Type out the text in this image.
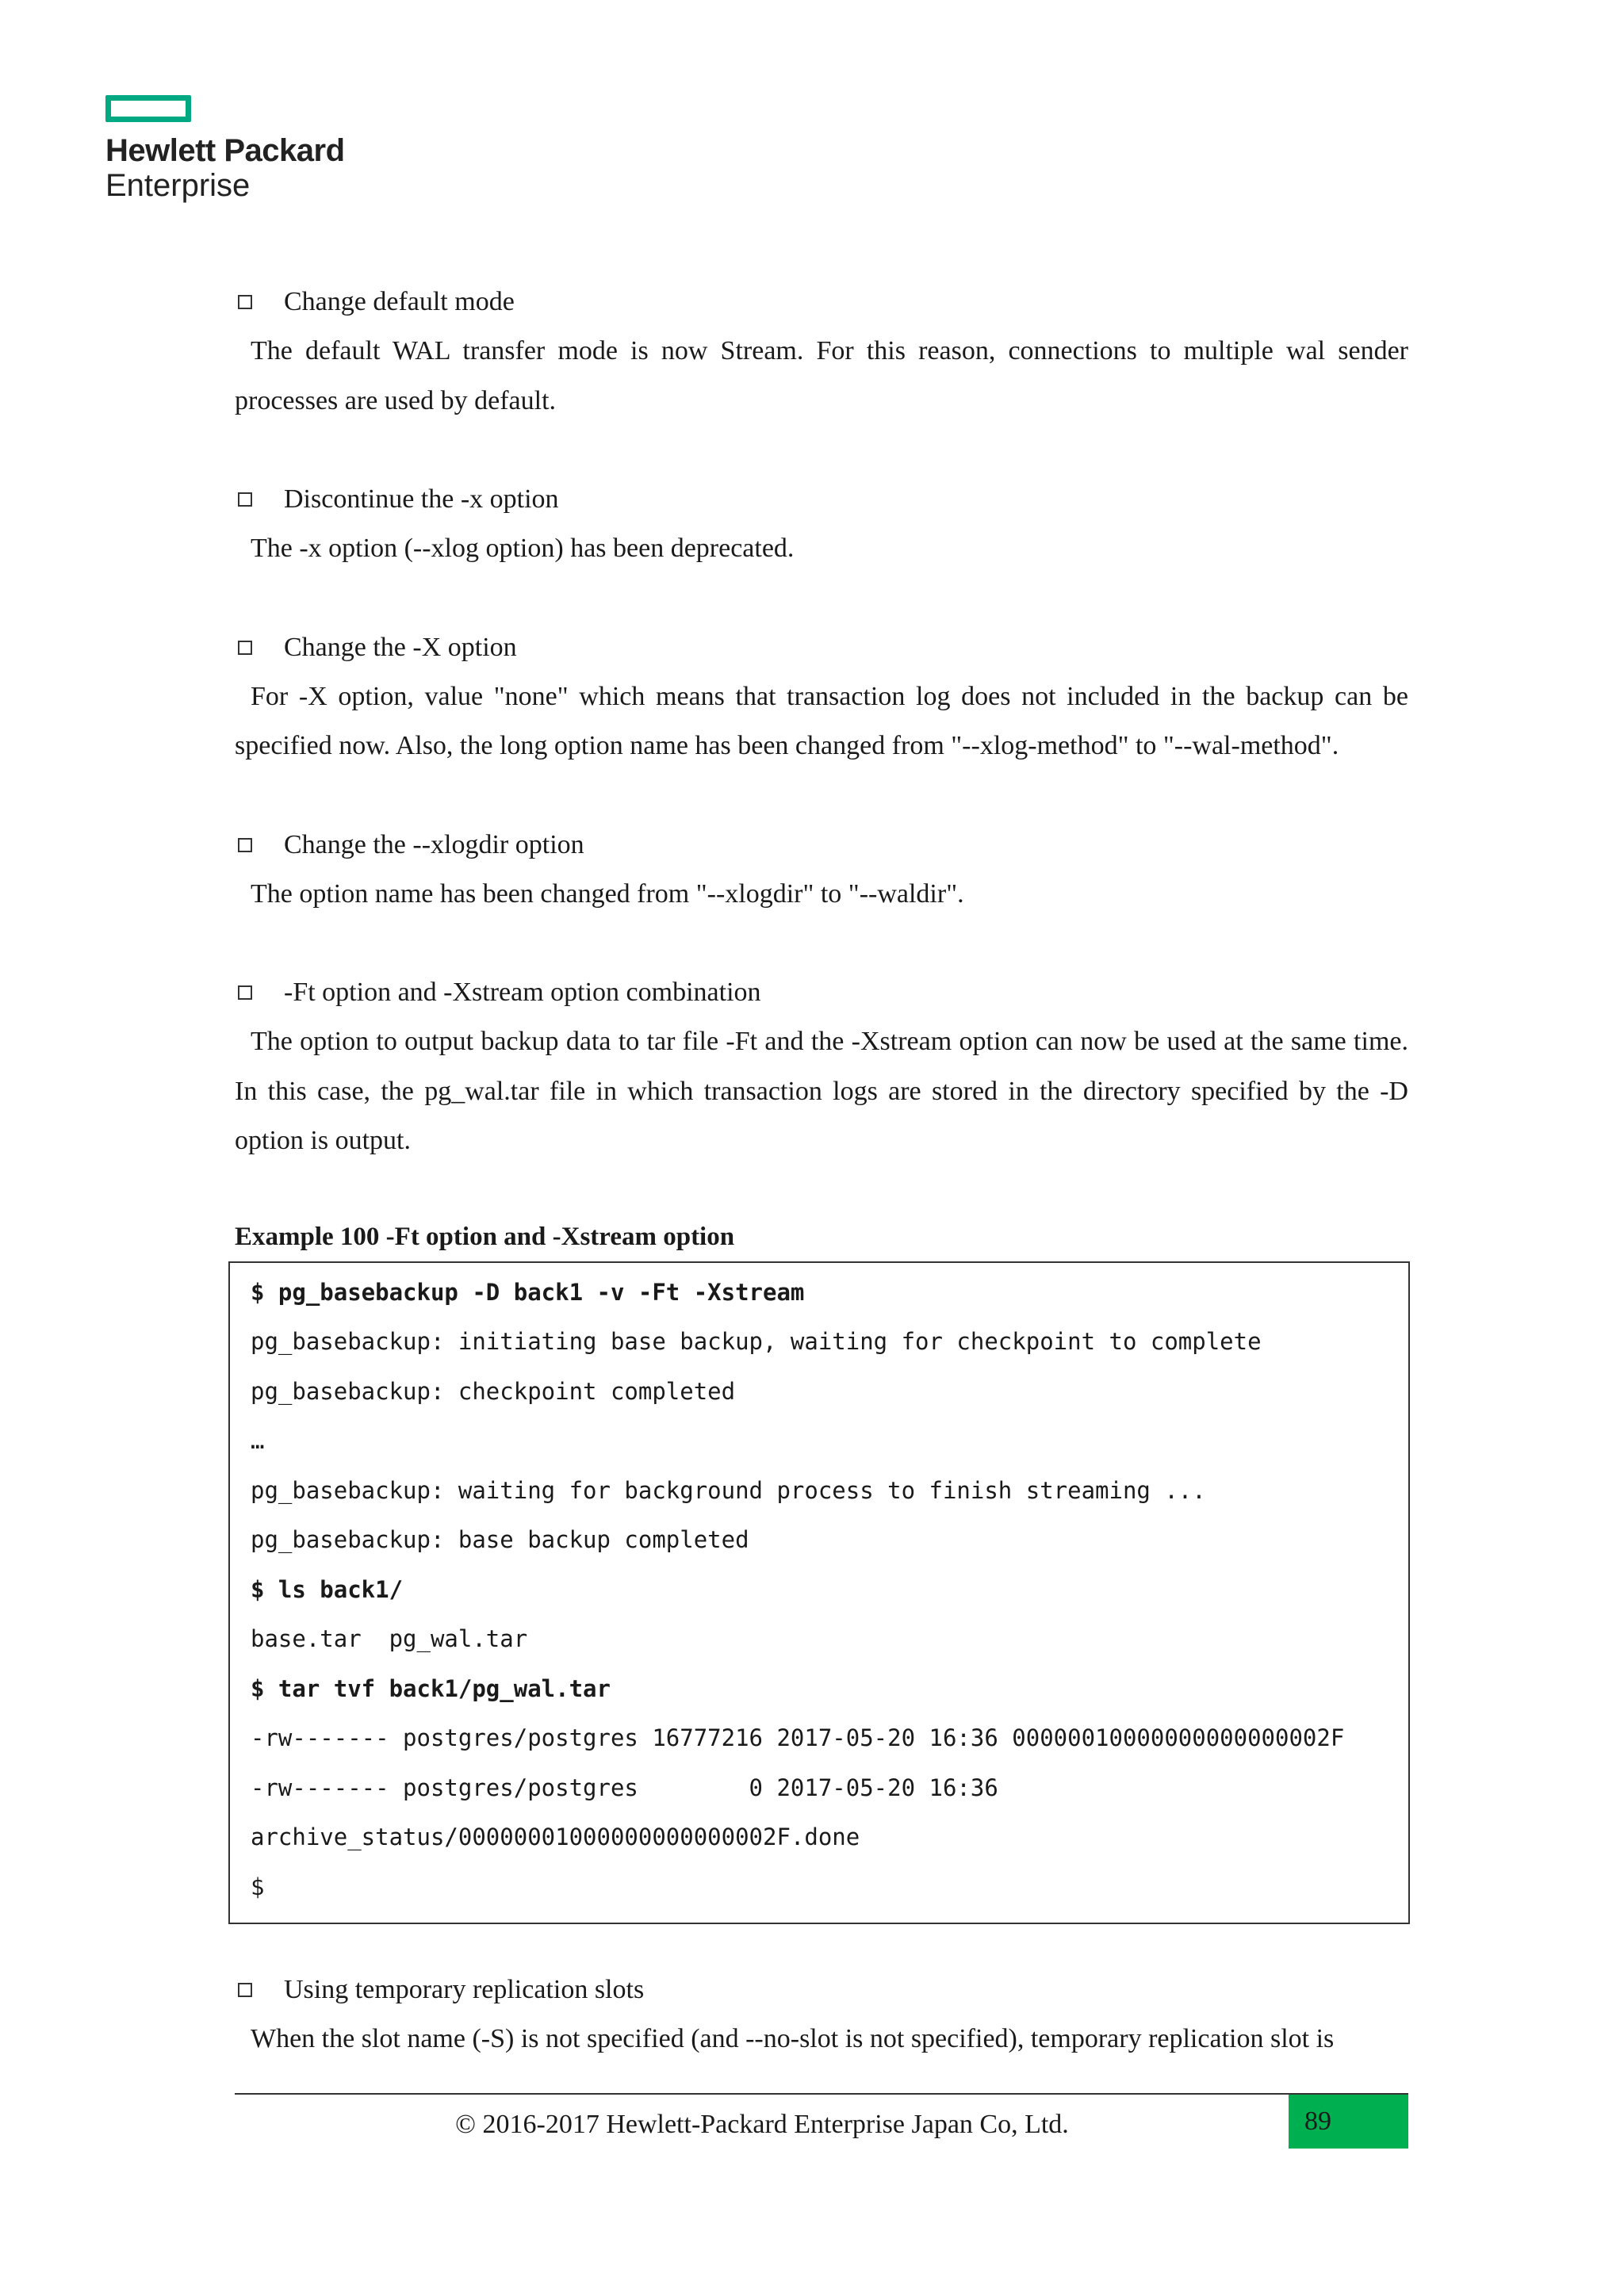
Hewlett Packard
Enterprise
Change default mode
The default WAL transfer mode is now Stream. For this reason, connections to multiple wal sender processes are used by default.
Discontinue the -x option
The -x option (--xlog option) has been deprecated.
Change the -X option
For -X option, value "none" which means that transaction log does not included in the backup can be specified now. Also, the long option name has been changed from "--xlog-method" to "--wal-method".
Change the --xlogdir option
The option name has been changed from "--xlogdir" to "--waldir".
-Ft option and -Xstream option combination
The option to output backup data to tar file -Ft and the -Xstream option can now be used at the same time. In this case, the pg_wal.tar file in which transaction logs are stored in the directory specified by the -D option is output.
Example 100 -Ft option and -Xstream option
$ pg_basebackup -D back1 -v -Ft -Xstream
pg_basebackup: initiating base backup, waiting for checkpoint to complete
pg_basebackup: checkpoint completed
…
pg_basebackup: waiting for background process to finish streaming ...
pg_basebackup: base backup completed
$ ls back1/
base.tar  pg_wal.tar
$ tar tvf back1/pg_wal.tar
-rw------- postgres/postgres 16777216 2017-05-20 16:36 00000010000000000000002F
-rw------- postgres/postgres        0 2017-05-20 16:36
archive_status/00000001000000000000002F.done
$
Using temporary replication slots
When the slot name (-S) is not specified (and --no-slot is not specified), temporary replication slot is
© 2016-2017 Hewlett-Packard Enterprise Japan Co, Ltd.	89
